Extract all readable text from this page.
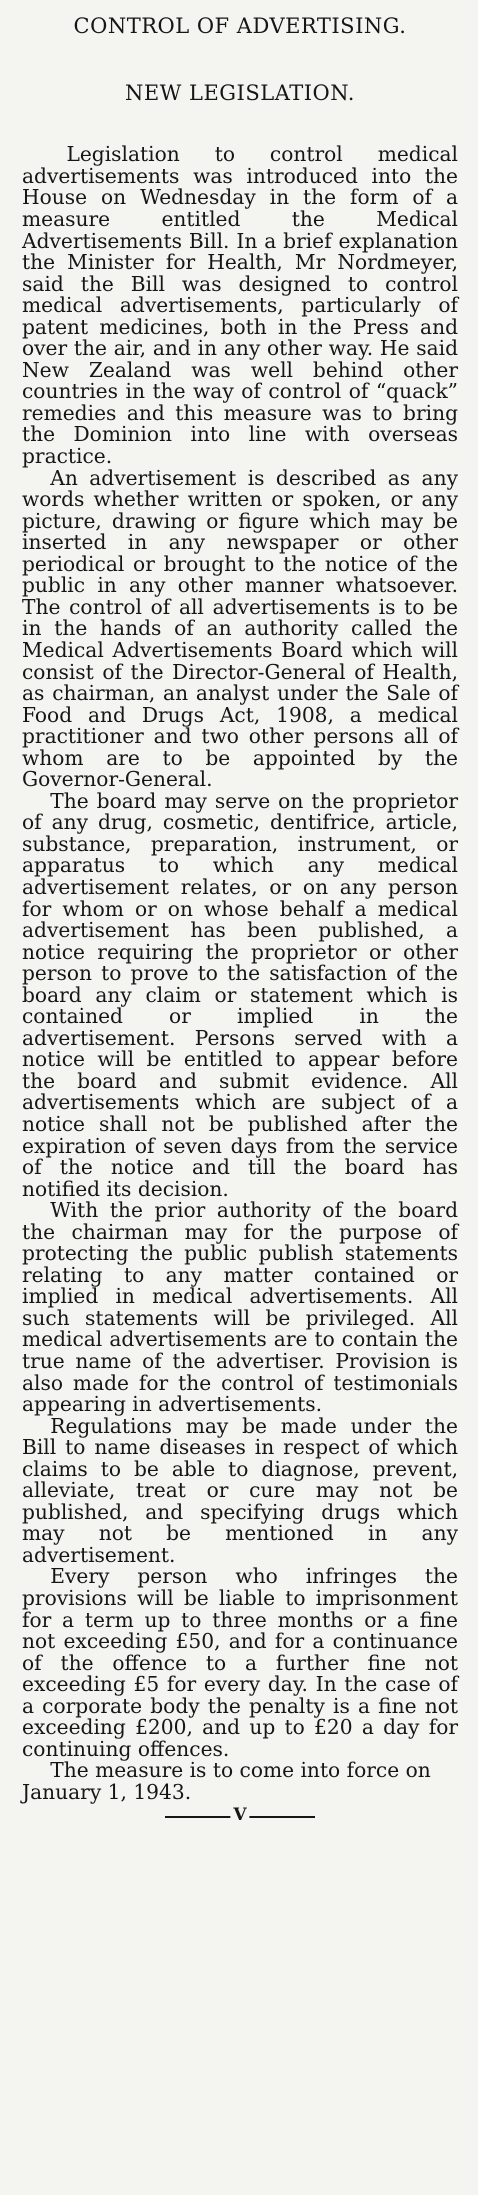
CONTROL OF ADVERTISING.
NEW LEGISLATION.

Legislation to control medical advertisements was introduced into the House on Wednesday in the form of a measure entitled the Medical Advertisements Bill. In a brief explanation the Minister for Health, Mr Nordmeyer, said the Bill was designed to control medical advertisements, particularly of patent medicines, both in the Press and over the air, and in any other way. He said New Zealand was well behind other countries in the way of control of “quack” remedies and this measure was to bring the Dominion into line with overseas practice.

An advertisement is described as any words whether written or spoken, or any picture, drawing or figure which may be inserted in any newspaper or other periodical or brought to the notice of the public in any other manner whatsoever. The control of all advertisements is to be in the hands of an authority called the Medical Advertisements Board which will consist of the Director-General of Health, as chairman, an analyst under the Sale of Food and Drugs Act, 1908, a medical practitioner and two other persons all of whom are to be appointed by the Governor-General.

The board may serve on the proprietor of any drug, cosmetic, dentifrice, article, substance, preparation, instrument, or apparatus to which any medical advertisement relates, or on any person for whom or on whose behalf a medical advertisement has been published, a notice requiring the proprietor or other person to prove to the satisfaction of the board any claim or statement which is contained or implied in the advertisement. Persons served with a notice will be entitled to appear before the board and submit evidence. All advertisements which are subject of a notice shall not be published after the expiration of seven days from the service of the notice and till the board has notified its decision.

With the prior authority of the board the chairman may for the purpose of protecting the public publish statements relating to any matter contained or implied in medical advertisements. All such statements will be privileged. All medical advertisements are to contain the true name of the advertiser. Provision is also made for the control of testimonials appearing in advertisements.

Regulations may be made under the Bill to name diseases in respect of which claims to be able to diagnose, prevent, alleviate, treat or cure may not be published, and specifying drugs which may not be mentioned in any advertisement.

Every person who infringes the provisions will be liable to imprisonment for a term up to three months or a fine not exceeding £50, and for a continuance of the offence to a further fine not exceeding £5 for every day. In the case of a corporate body the penalty is a fine not exceeding £200, and up to £20 a day for continuing offences.

The measure is to come into force on January 1, 1943.

V
